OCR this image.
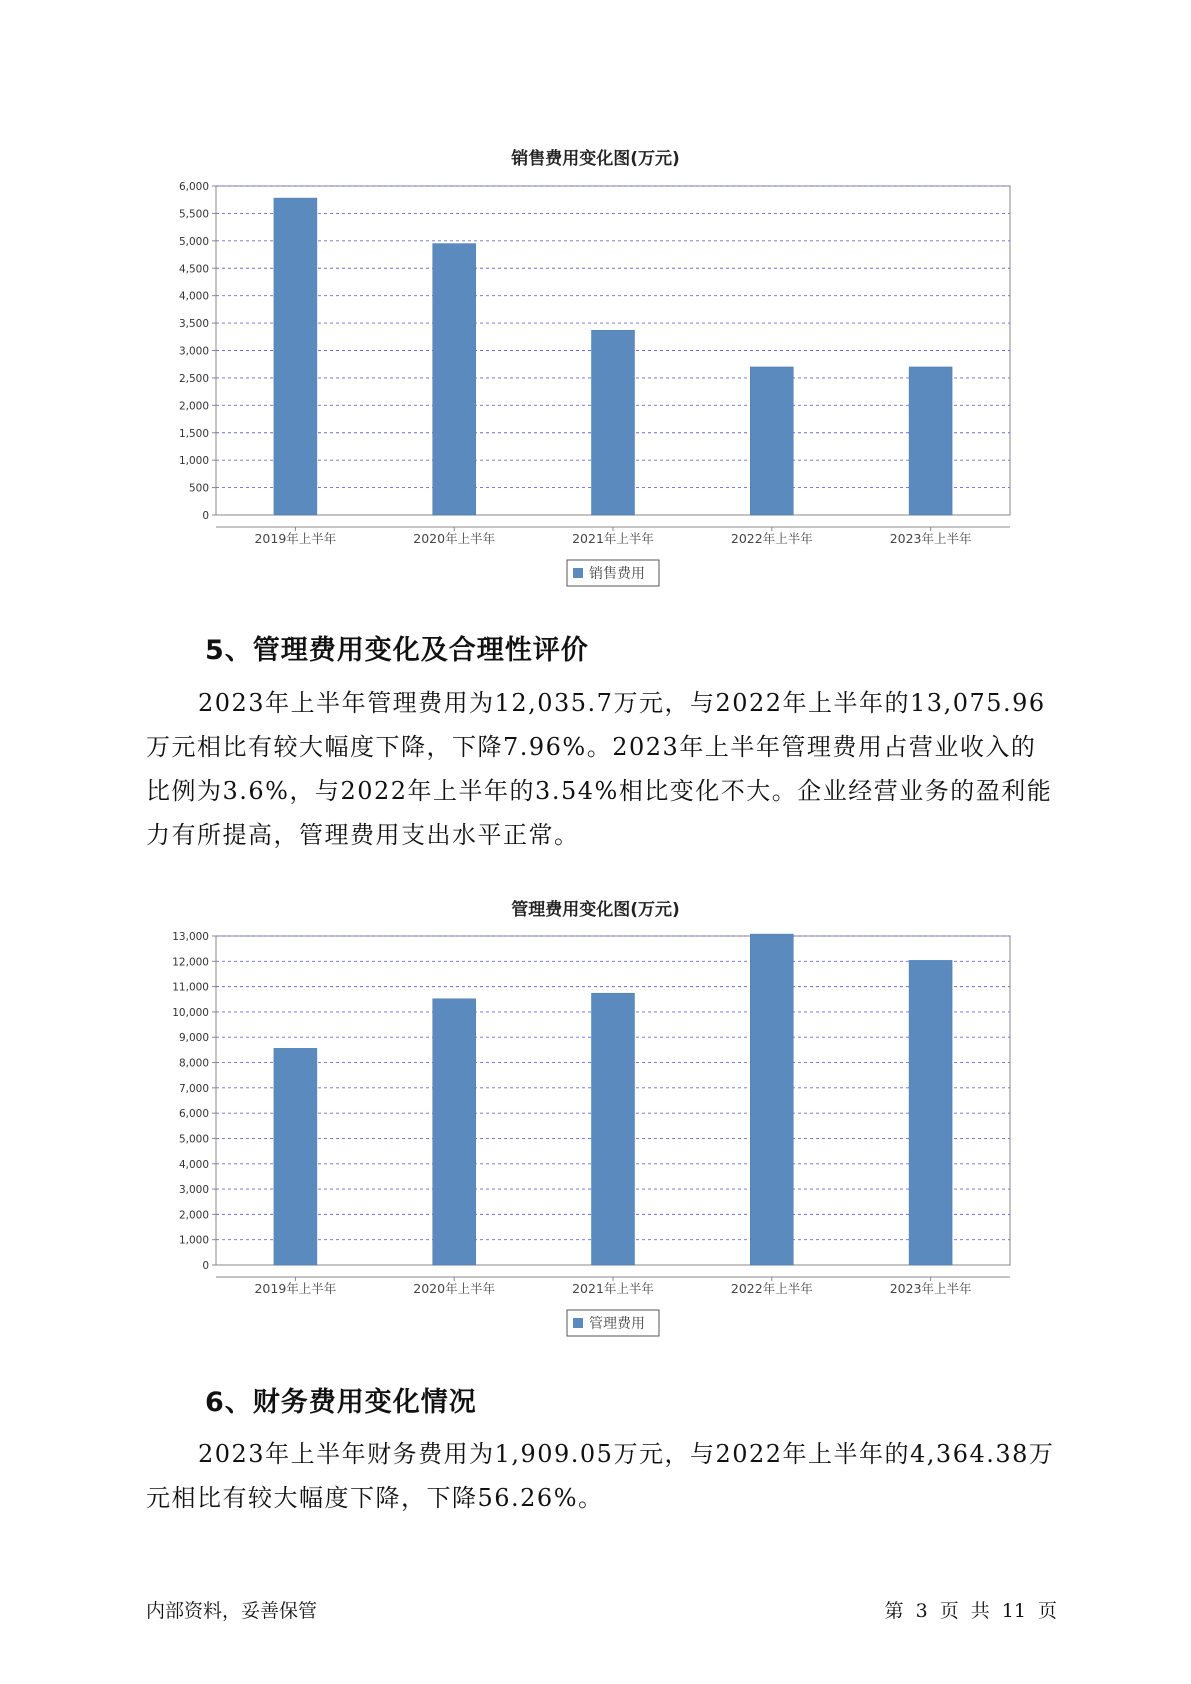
销售费用变化图(万元)
6,000
5,500
5,000
4,500
4,000
3,500
3,000
2,500
2,000
1,500
1,000
500
0
2019年上半年	2020年上半年	2021年上半年	2022年上半年	2023年上半年
销售费用
5、管理费用变化及合理性评价

2023年上半年管理费用为12,035.7万元，与2022年上半年的13,075.96万元相比有较大幅度下降，下降7.96%。2023年上半年管理费用占营业收入的比例为3.6%，与2022年上半年的3.54%相比变化不大。企业经营业务的盈利能力有所提高，管理费用支出水平正常。

管理费用变化图(万元)
13,000
12,000
11,000
10,000
9,000
8,000
7,000
6,000
5,000
4,000
3,000
2,000
1,000
0
2019年上半年	2020年上半年	2021年上半年	2022年上半年	2023年上半年
管理费用
6、财务费用变化情况

2023年上半年财务费用为1,909.05万元，与2022年上半年的4,364.38万元相比有较大幅度下降，下降56.26%。

内部资料，妥善保管	第 3 页 共 11 页
